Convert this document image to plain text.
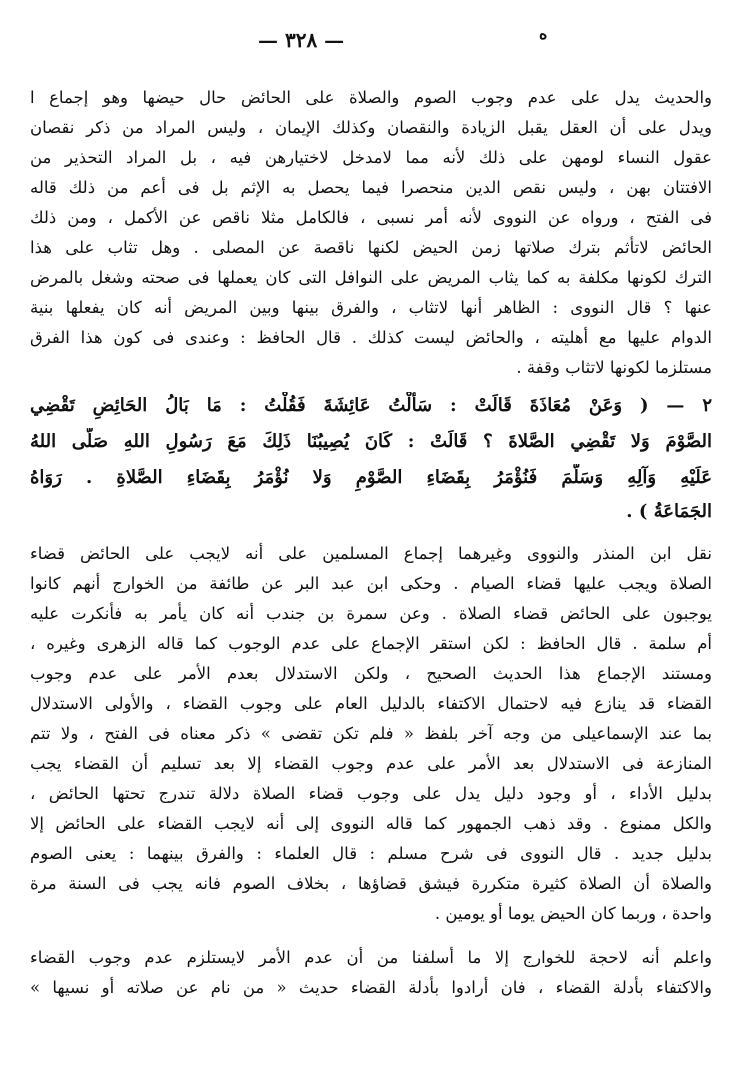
— ٣٢٨ —	ه
والحديث يدل على عدم وجوب الصوم والصلاة على الحائض حال حيضها وهو إجماع ا
ويدل على أن العقل يقبل الزيادة والنقصان وكذلك الإيمان ، وليس المراد من ذكر نقصان
عقول النساء لومهن على ذلك لأنه مما لامدخل لاختيارهن فيه ، بل المراد التحذير من
الافتتان بهن ، وليس نقص الدين منحصرا فيما يحصل به الإثم بل فى أعم من ذلك قاله
فى الفتح ، ورواه عن النووى لأنه أمر نسبى ، فالكامل مثلا ناقص عن الأكمل ، ومن ذلك
الحائض لاتأثم بترك صلاتها زمن الحيض لكنها ناقصة عن المصلى . وهل تثاب على هذا
الترك لكونها مكلفة به كما يثاب المريض على النوافل التى كان يعملها فى صحته وشغل بالمرض
عنها ؟ قال النووى : الظاهر أنها لاتثاب ، والفرق بينها وبين المريض أنه كان يفعلها بنية
الدوام عليها مع أهليته ، والحائض ليست كذلك . قال الحافظ : وعندى فى كون هذا الفرق
مستلزما لكونها لاتثاب وقفة .
٢ — ( وَعَنْ مُعَاذَةَ قَالَتْ : سَأَلْتُ عَائِشَةَ فَقُلْتُ : مَا بَالُ الحَائِضِ تَقْضِي
الصَّوْمَ وَلا تَقْضِي الصَّلاةَ ؟ قَالَتْ : كَانَ يُصِيبُنَا ذَلِكَ مَعَ رَسُولِ اللهِ صَلَّى اللهُ
عَلَيْهِ وَآلِهِ وَسَلَّمَ فَنُؤْمَرُ بِقَضَاءِ الصَّوْمِ وَلا نُؤْمَرُ بِقَضَاءِ الصَّلاةِ . رَوَاهُ
الجَمَاعَةُ ) .
نقل ابن المنذر والنووى وغيرهما إجماع المسلمين على أنه لايجب على الحائض قضاء
الصلاة ويجب عليها قضاء الصيام . وحكى ابن عبد البر عن طائفة من الخوارج أنهم كانوا
يوجبون على الحائض قضاء الصلاة . وعن سمرة بن جندب أنه كان يأمر به فأنكرت عليه
أم سلمة . قال الحافظ : لكن استقر الإجماع على عدم الوجوب كما قاله الزهرى وغيره ،
ومستند الإجماع هذا الحديث الصحيح ، ولكن الاستدلال بعدم الأمر على عدم وجوب
القضاء قد ينازع فيه لاحتمال الاكتفاء بالدليل العام على وجوب القضاء ، والأولى الاستدلال
بما عند الإسماعيلى من وجه آخر بلفظ « فلم تكن تقضى » ذكر معناه فى الفتح ، ولا تتم
المنازعة فى الاستدلال بعد الأمر على عدم وجوب القضاء إلا بعد تسليم أن القضاء يجب
بدليل الأداء ، أو وجود دليل يدل على وجوب قضاء الصلاة دلالة تندرج تحتها الحائض ،
والكل ممنوع . وقد ذهب الجمهور كما قاله النووى إلى أنه لايجب القضاء على الحائض إلا
بدليل جديد . قال النووى فى شرح مسلم : قال العلماء : والفرق بينهما : يعنى الصوم
والصلاة أن الصلاة كثيرة متكررة فيشق قضاؤها ، بخلاف الصوم فانه يجب فى السنة مرة
واحدة ، وربما كان الحيض يوما أو يومين .
واعلم أنه لاحجة للخوارج إلا ما أسلفنا من أن عدم الأمر لايستلزم عدم وجوب القضاء
والاكتفاء بأدلة القضاء ، فان أرادوا بأدلة القضاء حديث « من نام عن صلاته أو نسيها »
